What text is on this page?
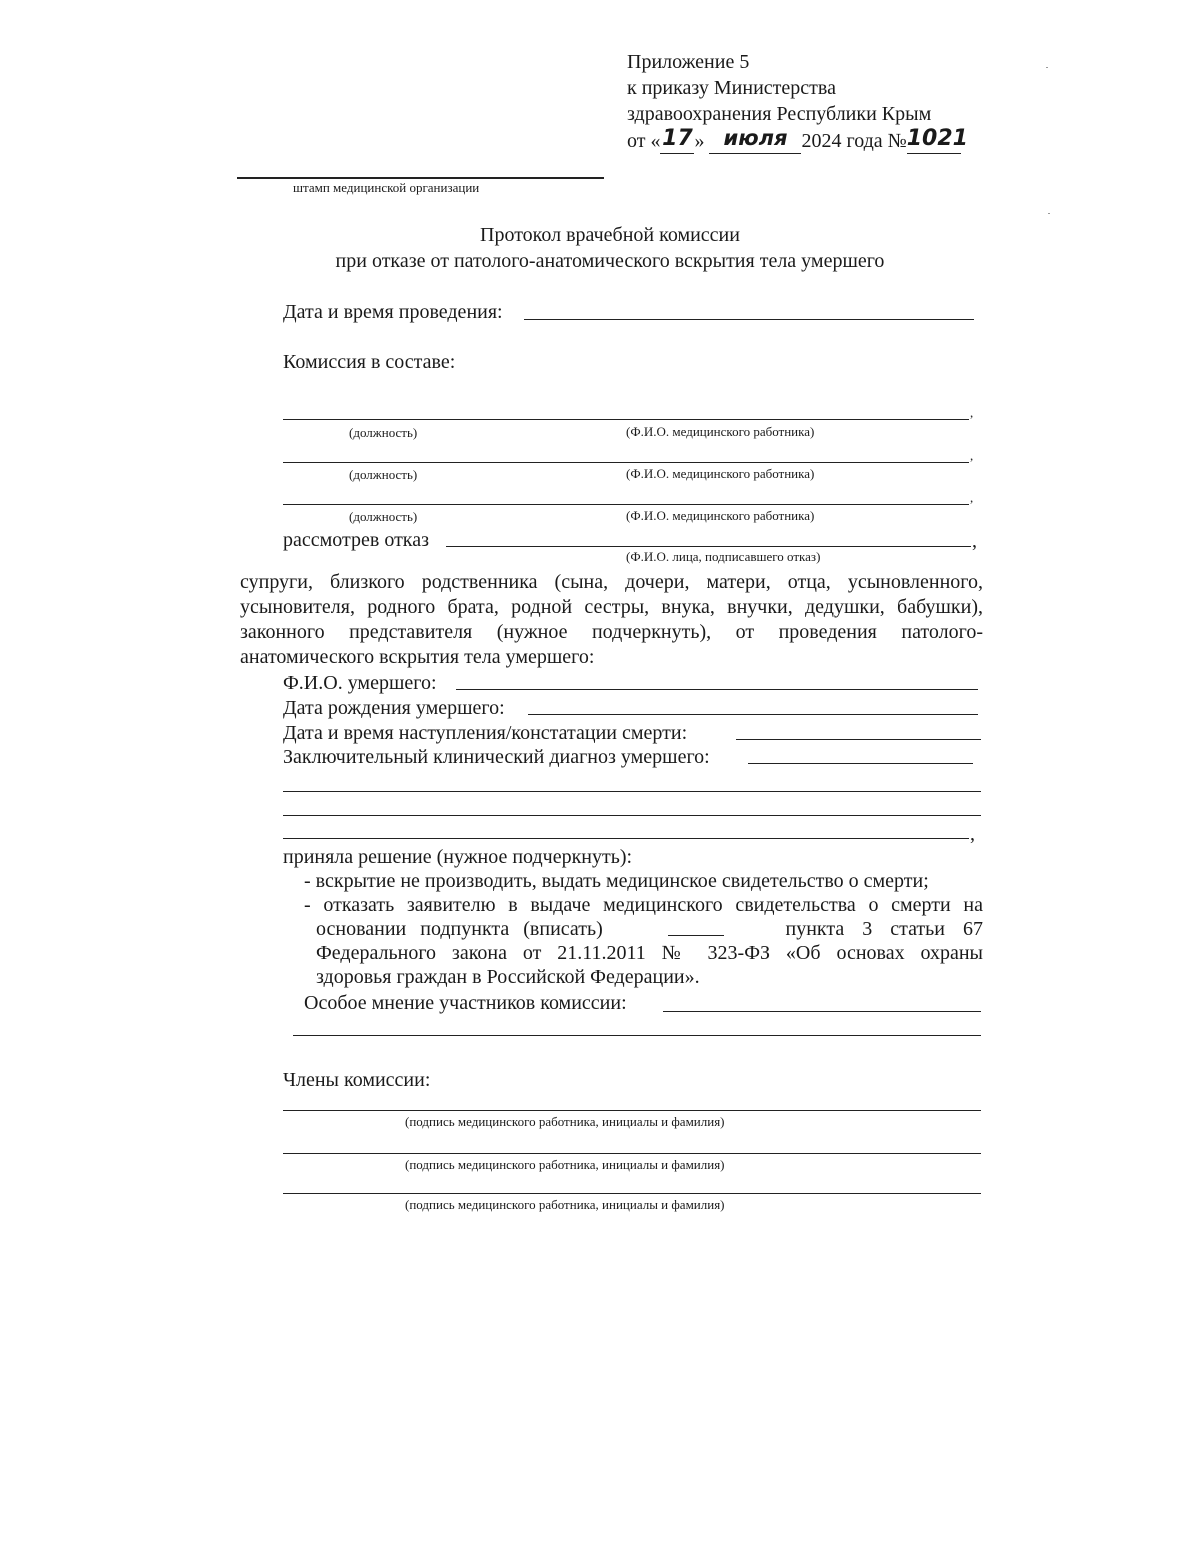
Приложение 5
к приказу Министерства
здравоохранения Республики Крым
от «17» июля 2024 года №1021
штамп медицинской организации
Протокол врачебной комиссии
при отказе от патолого-анатомического вскрытия тела умершего
Дата и время проведения:
Комиссия в составе:
,
(должность)	(Ф.И.О. медицинского работника)
,
(должность)	(Ф.И.О. медицинского работника)
,
(должность)	(Ф.И.О. медицинского работника)
рассмотрев отказ	,
(Ф.И.О. лица, подписавшего отказ)
супруги, близкого родственника (сына, дочери, матери, отца, усыновленного,
усыновителя, родного брата, родной сестры, внука, внучки, дедушки, бабушки),
законного представителя (нужное подчеркнуть), от проведения патолого-
анатомического вскрытия тела умершего:
Ф.И.О. умершего:
Дата рождения умершего:
Дата и время наступления/констатации смерти:
Заключительный клинический диагноз умершего:
,
приняла решение (нужное подчеркнуть):
- вскрытие не производить, выдать медицинское свидетельство о смерти;
- отказать заявителю в выдаче медицинского свидетельства о смерти на
основании подпункта (вписать)	пункта 3 статьи 67
Федерального закона от 21.11.2011 № 323-ФЗ «Об основах охраны
здоровья граждан в Российской Федерации».
Особое мнение участников комиссии:
Члены комиссии:
(подпись медицинского работника, инициалы и фамилия)
(подпись медицинского работника, инициалы и фамилия)
(подпись медицинского работника, инициалы и фамилия)
